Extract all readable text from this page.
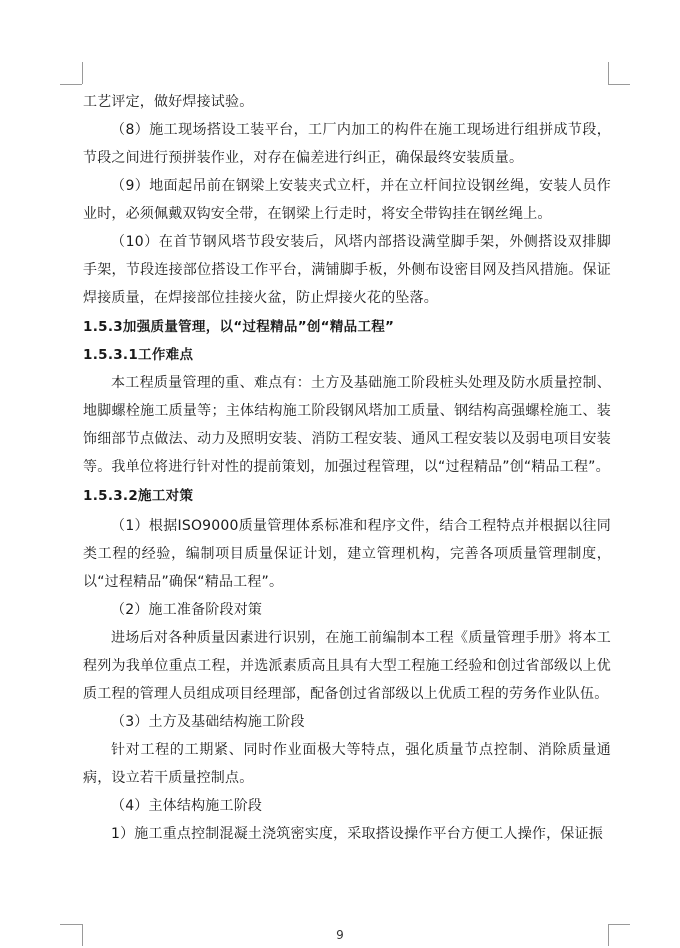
工艺评定，做好焊接试验。

（8）施工现场搭设工装平台，工厂内加工的构件在施工现场进行组拼成节段，节段之间进行预拼装作业，对存在偏差进行纠正，确保最终安装质量。

（9）地面起吊前在钢梁上安装夹式立杆，并在立杆间拉设钢丝绳，安装人员作业时，必须佩戴双钩安全带，在钢梁上行走时，将安全带钩挂在钢丝绳上。

（10）在首节钢风塔节段安装后，风塔内部搭设满堂脚手架，外侧搭设双排脚手架，节段连接部位搭设工作平台，满铺脚手板，外侧布设密目网及挡风措施。保证焊接质量，在焊接部位挂接火盆，防止焊接火花的坠落。

1.5.3加强质量管理，以“过程精品”创“精品工程”

1.5.3.1工作难点

本工程质量管理的重、难点有：土方及基础施工阶段桩头处理及防水质量控制、地脚螺栓施工质量等；主体结构施工阶段钢风塔加工质量、钢结构高强螺栓施工、装饰细部节点做法、动力及照明安装、消防工程安装、通风工程安装以及弱电项目安装等。我单位将进行针对性的提前策划，加强过程管理，以“过程精品”创“精品工程”。

1.5.3.2施工对策

（1）根据ISO9000质量管理体系标准和程序文件，结合工程特点并根据以往同类工程的经验，编制项目质量保证计划，建立管理机构，完善各项质量管理制度，以“过程精品”确保“精品工程”。

（2）施工准备阶段对策

进场后对各种质量因素进行识别，在施工前编制本工程《质量管理手册》将本工程列为我单位重点工程，并选派素质高且具有大型工程施工经验和创过省部级以上优质工程的管理人员组成项目经理部，配备创过省部级以上优质工程的劳务作业队伍。

（3）土方及基础结构施工阶段

针对工程的工期紧、同时作业面极大等特点，强化质量节点控制、消除质量通病，设立若干质量控制点。

（4）主体结构施工阶段

1）施工重点控制混凝土浇筑密实度，采取搭设操作平台方便工人操作，保证振

9
